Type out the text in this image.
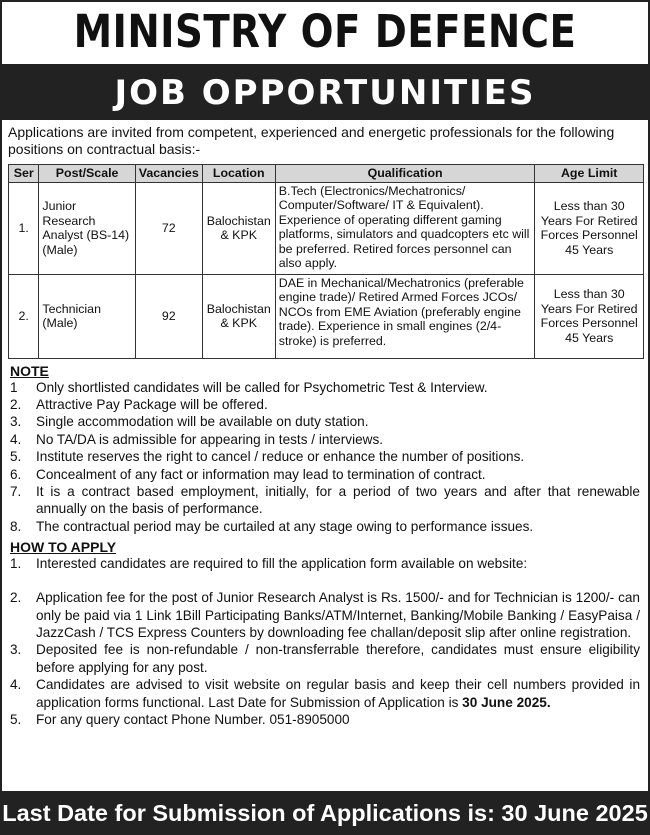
MINISTRY OF DEFENCE
JOB OPPORTUNITIES
Applications are invited from competent, experienced and energetic professionals for the following positions on contractual basis:-
Ser	Post/Scale	Vacancies	Location	Qualification	Age Limit
1.	Junior Research Analyst (BS-14) (Male)	72	Balochistan & KPK	B.Tech (Electronics/Mechatronics/ Computer/Software/ IT & Equivalent). Experience of operating different gaming platforms, simulators and quadcopters etc will be preferred. Retired forces personnel can also apply.	Less than 30 Years For Retired Forces Personnel 45 Years
2.	Technician (Male)	92	Balochistan & KPK	DAE in Mechanical/Mechatronics (preferable engine trade)/ Retired Armed Forces JCOs/ NCOs from EME Aviation (preferably engine trade). Experience in small engines (2/4-stroke) is preferred.	Less than 30 Years For Retired Forces Personnel 45 Years
NOTE
1	Only shortlisted candidates will be called for Psychometric Test & Interview.
2.	Attractive Pay Package will be offered.
3.	Single accommodation will be available on duty station.
4.	No TA/DA is admissible for appearing in tests / interviews.
5.	Institute reserves the right to cancel / reduce or enhance the number of positions.
6.	Concealment of any fact or information may lead to termination of contract.
7.	It is a contract based employment, initially, for a period of two years and after that renewable annually on the basis of performance.
8.	The contractual period may be curtailed at any stage owing to performance issues.
HOW TO APPLY
1.	Interested candidates are required to fill the application form available on website:
2.	Application fee for the post of Junior Research Analyst is Rs. 1500/- and for Technician is 1200/- can only be paid via 1 Link 1Bill Participating Banks/ATM/Internet, Banking/Mobile Banking / EasyPaisa / JazzCash / TCS Express Counters by downloading fee challan/deposit slip after online registration.
3.	Deposited fee is non-refundable / non-transferrable therefore, candidates must ensure eligibility before applying for any post.
4.	Candidates are advised to visit website on regular basis and keep their cell numbers provided in application forms functional. Last Date for Submission of Application is 30 June 2025.
5.	For any query contact Phone Number. 051-8905000
Last Date for Submission of Applications is: 30 June 2025
